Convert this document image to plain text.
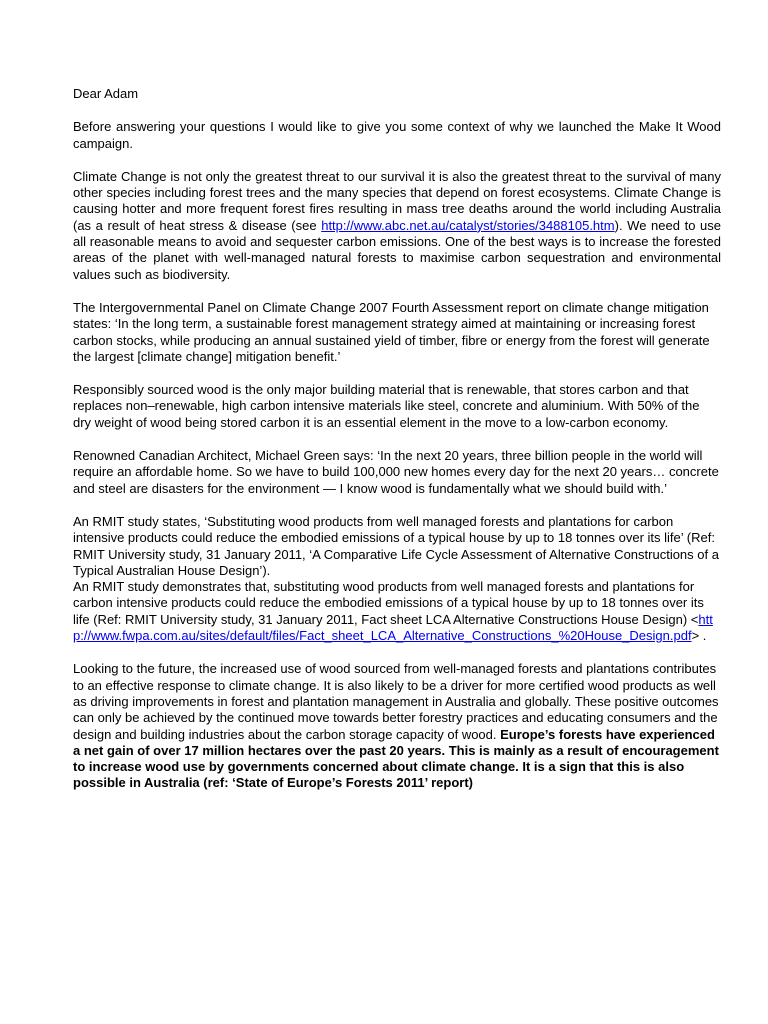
Dear Adam

Before answering your questions I would like to give you some context of why we launched the Make It Wood campaign.

Climate Change is not only the greatest threat to our survival it is also the greatest threat to the survival of many other species including forest trees and the many species that depend on forest ecosystems. Climate Change is causing hotter and more frequent forest fires resulting in mass tree deaths around the world including Australia (as a result of heat stress & disease (see http://www.abc.net.au/catalyst/stories/3488105.htm). We need to use all reasonable means to avoid and sequester carbon emissions. One of the best ways is to increase the forested areas of the planet with well-managed natural forests to maximise carbon sequestration and environmental values such as biodiversity.

The Intergovernmental Panel on Climate Change 2007 Fourth Assessment report on climate change mitigation states: ‘In the long term, a sustainable forest management strategy aimed at maintaining or increasing forest carbon stocks, while producing an annual sustained yield of timber, fibre or energy from the forest will generate the largest [climate change] mitigation benefit.’

Responsibly sourced wood is the only major building material that is renewable, that stores carbon and that replaces non–renewable, high carbon intensive materials like steel, concrete and aluminium. With 50% of the dry weight of wood being stored carbon it is an essential element in the move to a low-carbon economy.

Renowned Canadian Architect, Michael Green says: ‘In the next 20 years, three billion people in the world will require an affordable home. So we have to build 100,000 new homes every day for the next 20 years… concrete and steel are disasters for the environment — I know wood is fundamentally what we should build with.’

An RMIT study states, ‘Substituting wood products from well managed forests and plantations for carbon intensive products could reduce the embodied emissions of a typical house by up to 18 tonnes over its life’ (Ref: RMIT University study, 31 January 2011, ‘A Comparative Life Cycle Assessment of Alternative Constructions of a Typical Australian House Design’).

An RMIT study demonstrates that, substituting wood products from well managed forests and plantations for carbon intensive products could reduce the embodied emissions of a typical house by up to 18 tonnes over its life (Ref: RMIT University study, 31 January 2011, Fact sheet LCA Alternative Constructions House Design) <http://www.fwpa.com.au/sites/default/files/Fact_sheet_LCA_Alternative_Constructions_%20House_Design.pdf> .

Looking to the future, the increased use of wood sourced from well-managed forests and plantations contributes to an effective response to climate change. It is also likely to be a driver for more certified wood products as well as driving improvements in forest and plantation management in Australia and globally. These positive outcomes can only be achieved by the continued move towards better forestry practices and educating consumers and the design and building industries about the carbon storage capacity of wood. Europe’s forests have experienced a net gain of over 17 million hectares over the past 20 years. This is mainly as a result of encouragement to increase wood use by governments concerned about climate change. It is a sign that this is also possible in Australia (ref: ‘State of Europe’s Forests 2011’ report)
